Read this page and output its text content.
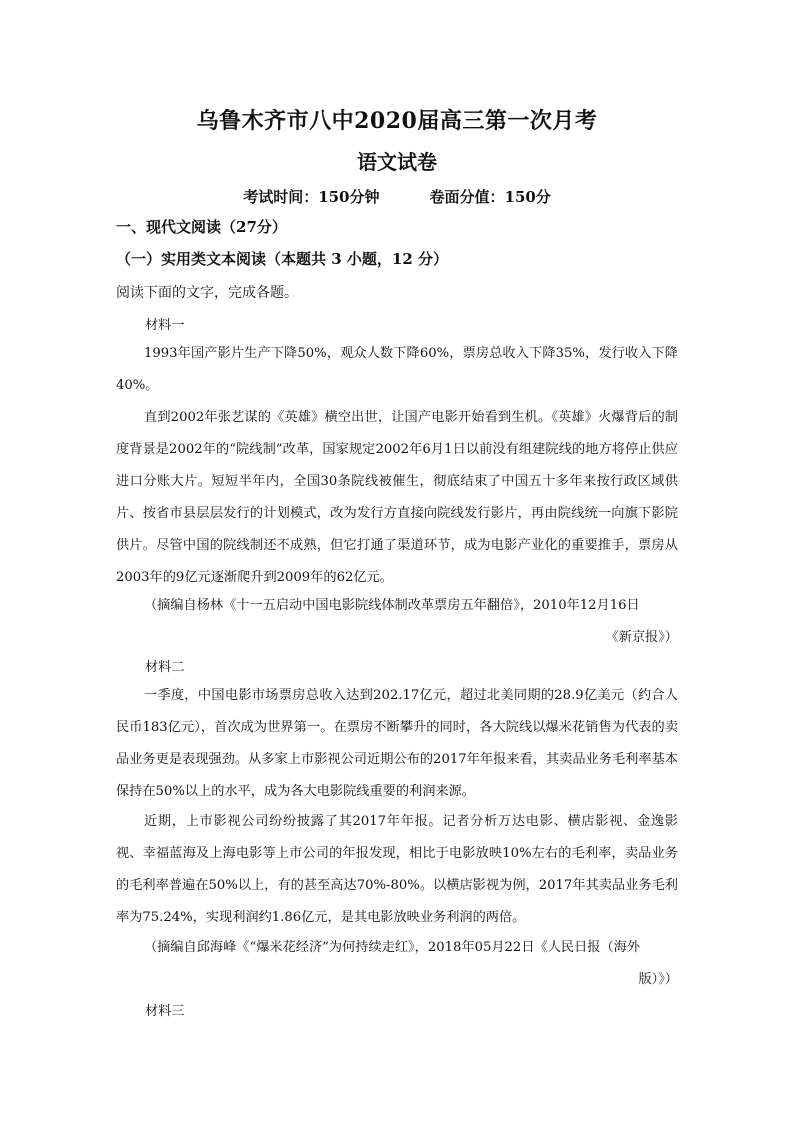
乌鲁木齐市八中2020届高三第一次月考
语文试卷
考试时间：150分钟	卷面分值：150分
一、现代文阅读（27分）
（一）实用类文本阅读（本题共 3 小题，12 分）
阅读下面的文字，完成各题。
材料一
1993年国产影片生产下降50%，观众人数下降60%，票房总收入下降35%，发行收入下降40%。
直到2002年张艺谋的《英雄》横空出世，让国产电影开始看到生机。《英雄》火爆背后的制度背景是2002年的“院线制”改革，国家规定2002年6月1日以前没有组建院线的地方将停止供应进口分账大片。短短半年内，全国30条院线被催生，彻底结束了中国五十多年来按行政区域供片、按省市县层层发行的计划模式，改为发行方直接向院线发行影片，再由院线统一向旗下影院供片。尽管中国的院线制还不成熟，但它打通了渠道环节，成为电影产业化的重要推手，票房从2003年的9亿元逐渐爬升到2009年的62亿元。
（摘编自杨林《十一五启动中国电影院线体制改革票房五年翻倍》，2010年12月16日
《新京报》）
材料二
一季度，中国电影市场票房总收入达到202.17亿元，超过北美同期的28.9亿美元（约合人民币183亿元），首次成为世界第一。在票房不断攀升的同时，各大院线以爆米花销售为代表的卖品业务更是表现强劲。从多家上市影视公司近期公布的2017年年报来看，其卖品业务毛利率基本保持在50%以上的水平，成为各大电影院线重要的利润来源。
近期，上市影视公司纷纷披露了其2017年年报。记者分析万达电影、横店影视、金逸影视、幸福蓝海及上海电影等上市公司的年报发现，相比于电影放映10%左右的毛利率，卖品业务的毛利率普遍在50%以上，有的甚至高达70%-80%。以横店影视为例，2017年其卖品业务毛利率为75.24%，实现利润约1.86亿元，是其电影放映业务利润的两倍。
（摘编自邱海峰《“爆米花经济”为何持续走红》，2018年05月22日《人民日报（海外
版）》）
材料三
